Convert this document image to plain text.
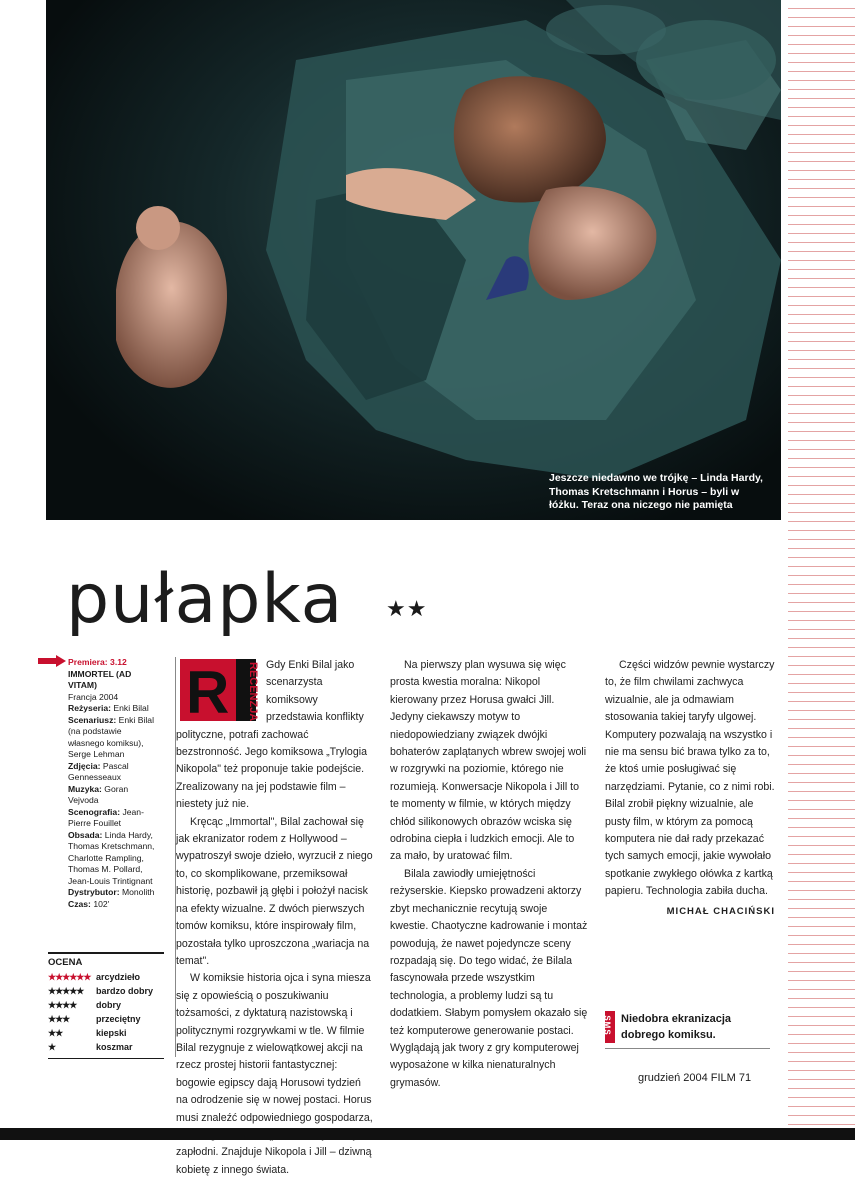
Jeszcze niedawno we trójkę – Linda Hardy, Thomas Kretschmann i Horus – byli w łóżku. Teraz ona niczego nie pamięta
pułapka ★★
Premiera: 3.12
IMMORTEL (AD VITAM)
Francja 2004
Reżyseria: Enki Bilal
Scenariusz: Enki Bilal (na podstawie własnego komiksu), Serge Lehman
Zdjęcia: Pascal Gennesseaux
Muzyka: Goran Vejvoda
Scenografia: Jean-Pierre Fouillet
Obsada: Linda Hardy, Thomas Kretschmann, Charlotte Rampling, Thomas M. Pollard, Jean-Louis Trintignant
Dystrybutor: Monolith
Czas: 102'
OCENA
★★★★★★ arcydzieło
★★★★★	bardzo dobry
★★★★	dobry
★★★	przeciętny
★★	kiepski
★	koszmar
R RECENZJA Gdy Enki Bilal jako scenarzysta komiksowy przedstawia konflikty polityczne, potrafi zachować bezstronność. Jego komiksowa „Trylogia Nikopola" też proponuje takie podejście. Zrealizowany na jej podstawie film – niestety już nie.

Kręcąc „Immortal", Bilal zachował się jak ekranizator rodem z Hollywood – wypatroszył swoje dzieło, wyrzucił z niego to, co skomplikowane, przemiksował historię, pozbawił ją głębi i położył nacisk na efekty wizualne. Z dwóch pierwszych tomów komiksu, które inspirowały film, pozostała tylko uproszczona „wariacja na temat".

W komiksie historia ojca i syna miesza się z opowieścią o poszukiwaniu tożsamości, z dyktaturą nazistowską i politycznymi rozgrywkami w tle. W filmie Bilal rezygnuje z wielowątkowej akcji na rzecz prostej historii fantastycznej: bogowie egipscy dają Horusowi tydzień na odrodzenie się w nowej postaci. Horus musi znaleźć odpowiedniego gospodarza, zapłodni. Znajduje Nikopola i Jill – dziwną kobietę z innego świata.

Na pierwszy plan wysuwa się więc prosta kwestia moralna: Nikopol kierowany przez Horusa gwałci Jill. Jedyny ciekawszy motyw to niedopowiedziany związek dwójki bohaterów zaplątanych wbrew swojej woli w rozgrywki na poziomie, którego nie rozumieją. Konwersacje Nikopola i Jill to te momenty w filmie, w których między chłód silikonowych obrazów wciska się odrobina ciepła i ludzkich emocji. Ale to za mało, by uratować film.

Bilala zawiodły umiejętności reżyserskie. Kiepsko prowadzeni aktorzy zbyt mechanicznie recytują swoje kwestie. Chaotyczne kadrowanie i montaż powodują, że nawet pojedyncze sceny rozpadają się. Do tego widać, że Bilala fascynowała przede wszystkim technologia, a problemy ludzi są tu dodatkiem. Słabym pomysłem okazało się też komputerowe generowanie postaci. Wyglądają jak twory z gry komputerowej wyposażone w kilka nienaturalnych grymasów.

Części widzów pewnie wystarczy to, że film chwilami zachwyca wizualnie, ale ja odmawiam stosowania takiej taryfy ulgowej. Komputery pozwalają na wszystko i nie ma sensu bić brawa tylko za to, że ktoś umie posługiwać się narzędziami. Pytanie, co z nimi robi. Bilal zrobił piękny wizualnie, ale pusty film, w którym za pomocą komputera nie dał rady przekazać tych samych emocji, jakie wywołało spotkanie zwykłego ołówka z kartką papieru. Technologia zabiła ducha.

MICHAŁ CHACIŃSKI
SMS Niedobra ekranizacja dobrego komiksu.
grudzień 2004 FILM 71
